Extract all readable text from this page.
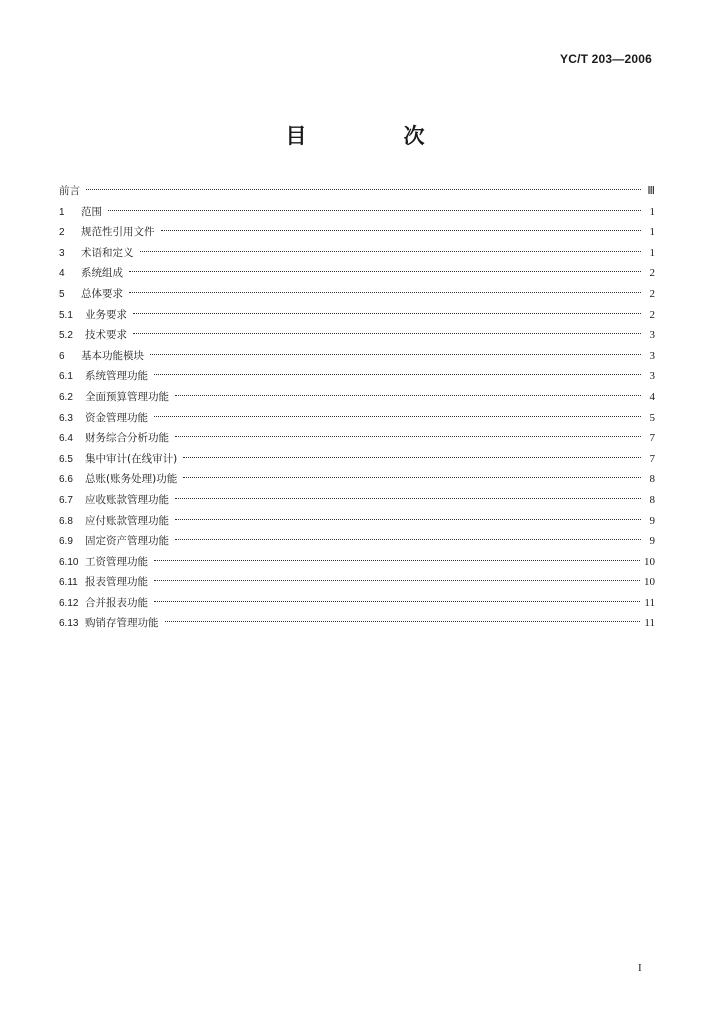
YC/T 203—2006
目　次
前言	Ⅲ
1	范围	1
2	规范性引用文件	1
3	术语和定义	1
4	系统组成	2
5	总体要求	2
5.1	业务要求	2
5.2	技术要求	3
6	基本功能模块	3
6.1	系统管理功能	3
6.2	全面预算管理功能	4
6.3	资金管理功能	5
6.4	财务综合分析功能	7
6.5	集中审计(在线审计)	7
6.6	总账(账务处理)功能	8
6.7	应收账款管理功能	8
6.8	应付账款管理功能	9
6.9	固定资产管理功能	9
6.10 工资管理功能	10
6.11 报表管理功能	10
6.12 合并报表功能	11
6.13 购销存管理功能	11
I
